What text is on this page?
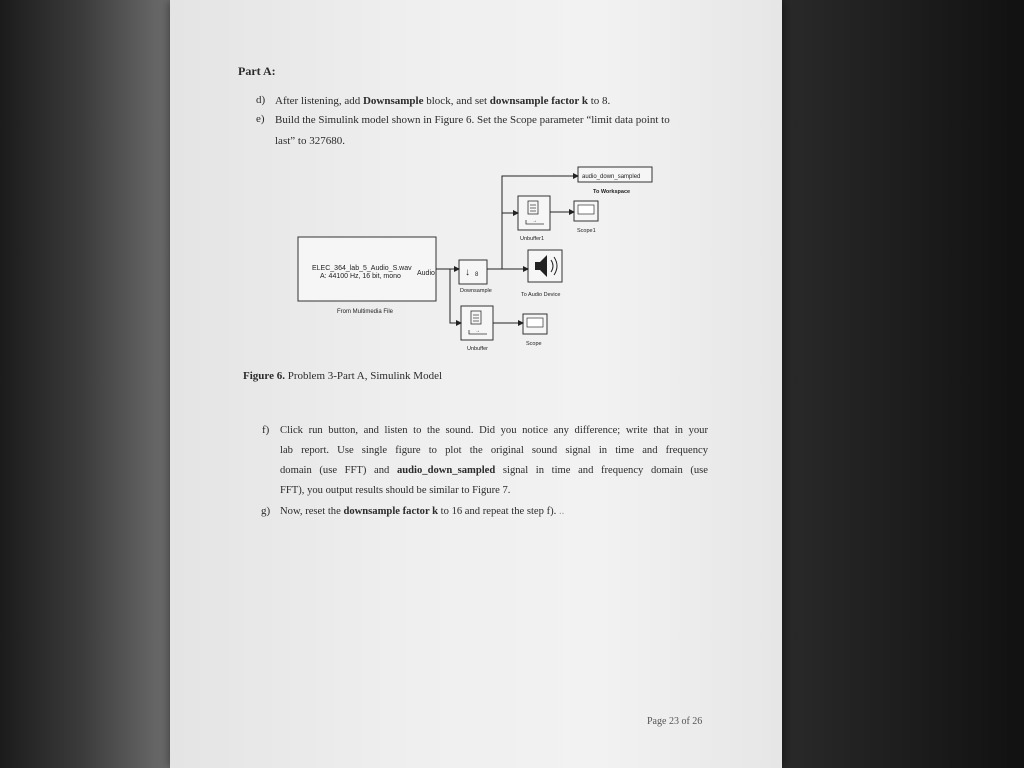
Part A:
d) After listening, add Downsample block, and set downsample factor k to 8.
e) Build the Simulink model shown in Figure 6. Set the Scope parameter “limit data point to
last” to 327680.
ELEC_364_lab_5_Audio_S.wav
A: 44100 Hz, 16 bit, mono Audio
From Multimedia File
↓ 8
Downsample
audio_down_sampled
To Workspace
→
Unbuffer1
Scope1
To Audio Device
→
Unbuffer
Scope
Figure 6. Problem 3-Part A, Simulink Model
f) Click run button, and listen to the sound. Did you notice any difference; write that in your
lab report. Use single figure to plot the original sound signal in time and frequency
domain (use FFT) and audio_down_sampled signal in time and frequency domain (use
FFT), you output results should be similar to Figure 7.
g) Now, reset the downsample factor k to 16 and repeat the step f). ..
Page 23 of 26
